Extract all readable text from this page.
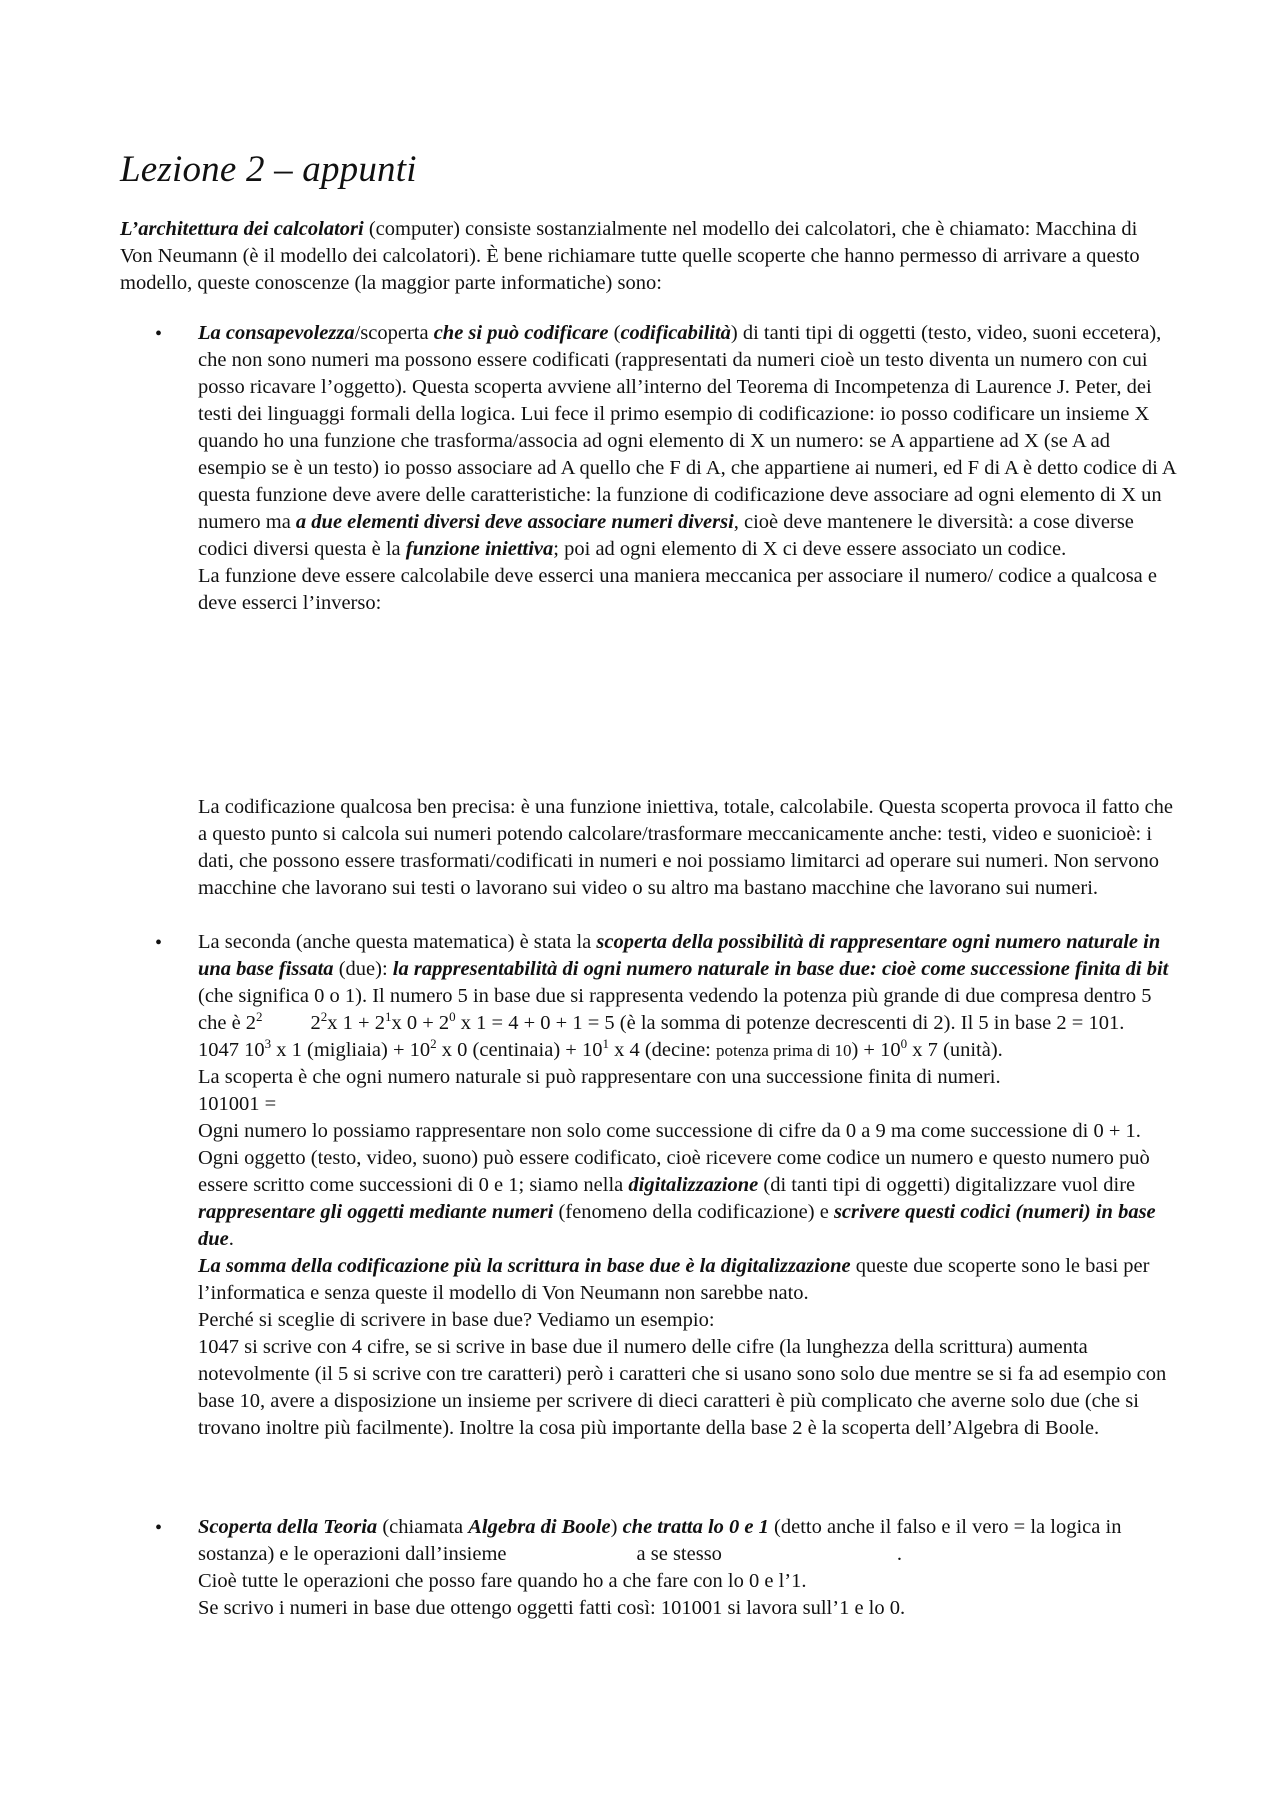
Lezione 2 – appunti

L’architettura dei calcolatori (computer) consiste sostanzialmente nel modello dei calcolatori, che è chiamato: Macchina di Von Neumann (è il modello dei calcolatori). È bene richiamare tutte quelle scoperte che hanno permesso di arrivare a questo modello, queste conoscenze (la maggior parte informatiche) sono:

• La consapevolezza/scoperta che si può codificare (codificabilità) di tanti tipi di oggetti (testo, video, suoni eccetera), che non sono numeri ma possono essere codificati (rappresentati da numeri cioè un testo diventa un numero con cui posso ricavare l’oggetto). Questa scoperta avviene all’interno del Teorema di Incompetenza di Laurence J. Peter, dei testi dei linguaggi formali della logica. Lui fece il primo esempio di codificazione: io posso codificare un insieme X quando ho una funzione che trasforma/associa ad ogni elemento di X un numero: se A appartiene ad X (se A ad esempio se è un testo) io posso associare ad A quello che F di A, che appartiene ai numeri, ed F di A è detto codice di A questa funzione deve avere delle caratteristiche: la funzione di codificazione deve associare ad ogni elemento di X un numero ma a due elementi diversi deve associare numeri diversi, cioè deve mantenere le diversità: a cose diverse codici diversi questa è la funzione iniettiva; poi ad ogni elemento di X ci deve essere associato un codice.

La funzione deve essere calcolabile deve esserci una maniera meccanica per associare il numero/ codice a qualcosa e deve esserci l’inverso:

La codificazione qualcosa ben precisa: è una funzione iniettiva, totale, calcolabile. Questa scoperta provoca il fatto che a questo punto si calcola sui numeri potendo calcolare/trasformare meccanicamente anche: testi, video e suonicioè: i dati, che possono essere trasformati/codificati in numeri e noi possiamo limitarci ad operare sui numeri. Non servono macchine che lavorano sui testi o lavorano sui video o su altro ma bastano macchine che lavorano sui numeri.

• La seconda (anche questa matematica) è stata la scoperta della possibilità di rappresentare ogni numero naturale in una base fissata (due): la rappresentabilità di ogni numero naturale in base due: cioè come successione finita di bit (che significa 0 o 1). Il numero 5 in base due si rappresenta vedendo la potenza più grande di due compresa dentro 5 che è $2^2$ $2^2x$ $1 + 2^1x$ $0 + 2^0$ x 1 = 4 + 0 + 1 = 5 (è la somma di potenze decrescenti di 2). Il 5 in base 2 = 101.

1047 $10^3$ x 1 (migliaia) + $10^2$ x 0 (centinaia) + $10^1$ x 4 (decine: potenza prima di $10) + 10^0$ x 7 (unità).

La scoperta è che ogni numero naturale si può rappresentare con una successione finita di numeri.

101001 =

Ogni numero lo possiamo rappresentare non solo come successione di cifre da 0 a 9 ma come successione di 0 + 1. Ogni oggetto (testo, video, suono) può essere codificato, cioè ricevere come codice un numero e questo numero può essere scritto come successioni di 0 e 1; siamo nella digitalizzazione (di tanti tipi di oggetti) digitalizzare vuol dire rappresentare gli oggetti mediante numeri (fenomeno della codificazione) e scrivere questi codici (numeri) in base due.

La somma della codificazione più la scrittura in base due è la digitalizzazione queste due scoperte sono le basi per l’informatica e senza queste il modello di Von Neumann non sarebbe nato.

Perché si sceglie di scrivere in base due? Vediamo un esempio:

1047 si scrive con 4 cifre, se si scrive in base due il numero delle cifre (la lunghezza della scrittura) aumenta notevolmente (il 5 si scrive con tre caratteri) però i caratteri che si usano sono solo due mentre se si fa ad esempio con base 10, avere a disposizione un insieme per scrivere di dieci caratteri è più complicato che averne solo due (che si trovano inoltre più facilmente). Inoltre la cosa più importante della base 2 è la scoperta dell’Algebra di Boole.

• Scoperta della Teoria (chiamata Algebra di Boole) che tratta lo 0 e 1 (detto anche il falso e il vero = la logica in sostanza) e le operazioni dall’insieme	a se stesso	.

Cioè tutte le operazioni che posso fare quando ho a che fare con lo 0 e l’1.

Se scrivo i numeri in base due ottengo oggetti fatti così: 101001 si lavora sull’1 e lo 0.
